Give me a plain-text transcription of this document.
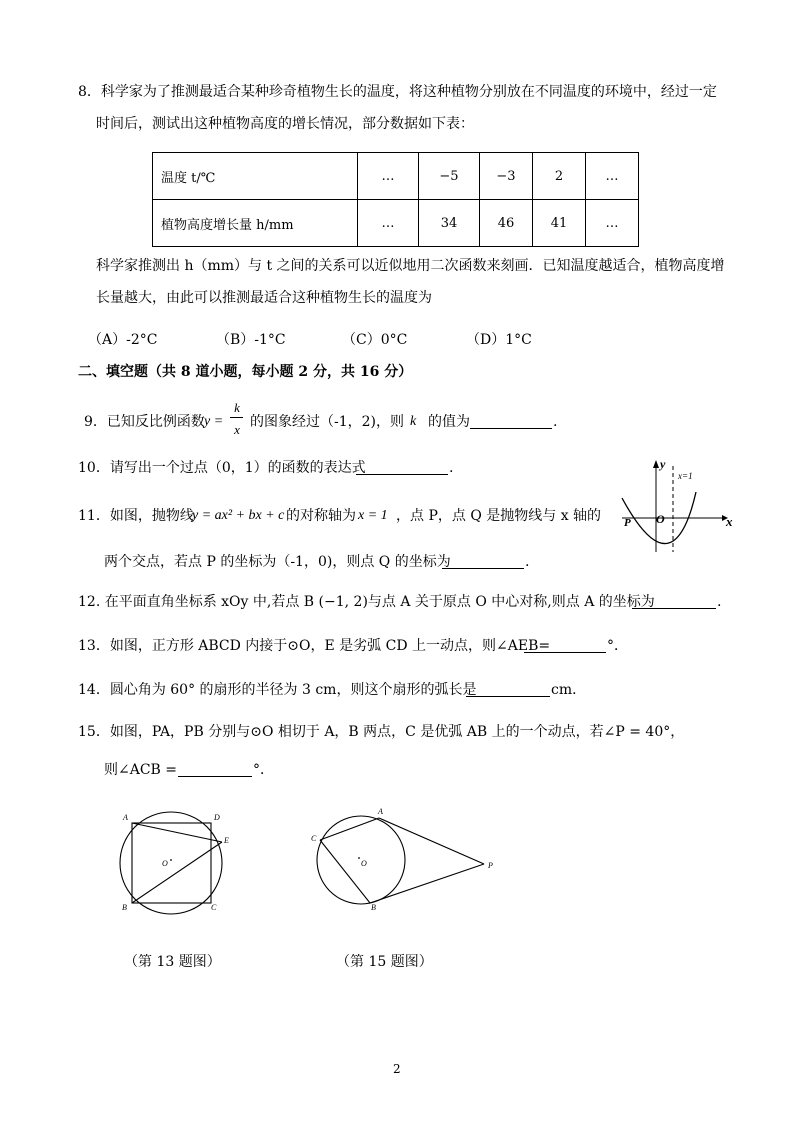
8．科学家为了推测最适合某种珍奇植物生长的温度，将这种植物分别放在不同温度的环境中，经过一定
时间后，测试出这种植物高度的增长情况，部分数据如下表：
温度 t/℃	…	−5	−3	2	…
植物高度增长量 h/mm	…	34	46	41	…
科学家推测出 h（mm）与 t 之间的关系可以近似地用二次函数来刻画．已知温度越适合，植物高度增
长量越大，由此可以推测最适合这种植物生长的温度为
（A）-2°C	（B）-1°C	（C）0°C	（D）1°C
二、填空题（共 8 道小题，每小题 2 分，共 16 分）
9．已知反比例函数 y =
k
x 的图象经过（-1，2)，则 k 的值为	.
10．请写出一个过点（0，1）的函数的表达式	.	y
x
O
P
x=1
11．如图，抛物线
y = ax² + bx + c 的对称轴为 x = 1 ，点 P，点 Q 是抛物线与 x 轴的
两个交点，若点 P 的坐标为（-1，0)，则点 Q 的坐标为	.
12. 在平面直角坐标系 xOy 中,若点 B (−1, 2)与点 A 关于原点 O 中心对称,则点 A 的坐标为	.
13．如图，正方形 ABCD 内接于⊙O，E 是劣弧 CD 上一动点，则∠AEB=	°．
14．圆心角为 60° 的扇形的半径为 3 cm，则这个扇形的弧长是	cm．
15．如图，PA，PB 分别与⊙O 相切于 A，B 两点，C 是优弧 AB 上的一个动点，若∠P = 40°，
则∠ACB =	°．
A	D
E
O
B	C
A
C
O	P
B
（第 13 题图）	（第 15 题图）
2
